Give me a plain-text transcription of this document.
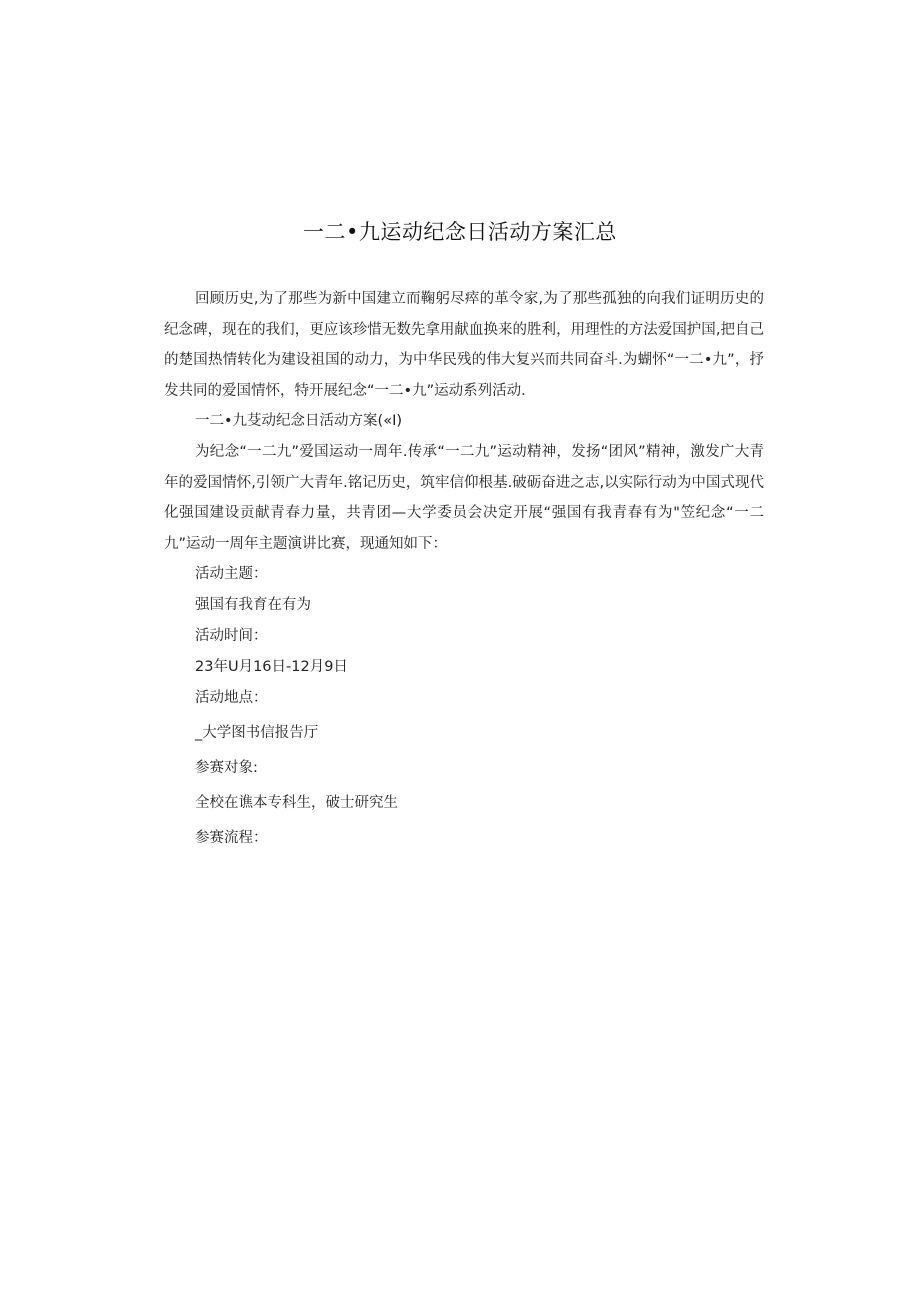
一二•九运动纪念日活动方案汇总

回顾历史,为了那些为新中国建立而鞠躬尽瘁的革令家,为了那些孤独的向我们证明历史的纪念碑，现在的我们，更应该珍惜无数先拿用献血换来的胜利，用理性的方法爱国护国,把自己的楚国热情转化为建设祖国的动力，为中华民残的伟大复兴而共同奋斗.为蝴怀“一二•九”，抒发共同的爱国情怀，特开展纪念“一二•九”运动系列活动.

一二•九芟动纪念日活动方案(«I)

为纪念“一二九”爱国运动一周年.传承“一二九”运动精神，发扬“团风”精神，激发广大青年的爱国情怀,引领广大青年.铭记历史，筑牢信仰根基.破砺奋进之志,以实际行动为中国式现代化强国建设贡献青春力量，共青团—大学委员会决定开展“强国有我青春有为"笠纪念“一二九”运动一周年主题演讲比赛，现通知如下：

活动主题：

强国有我育在有为

活动时间：

23年U月16日-12月9日

活动地点：

_大学图书信报告厅

参赛对象:

全校在谯本专科生，破士研究生

参赛流程：
